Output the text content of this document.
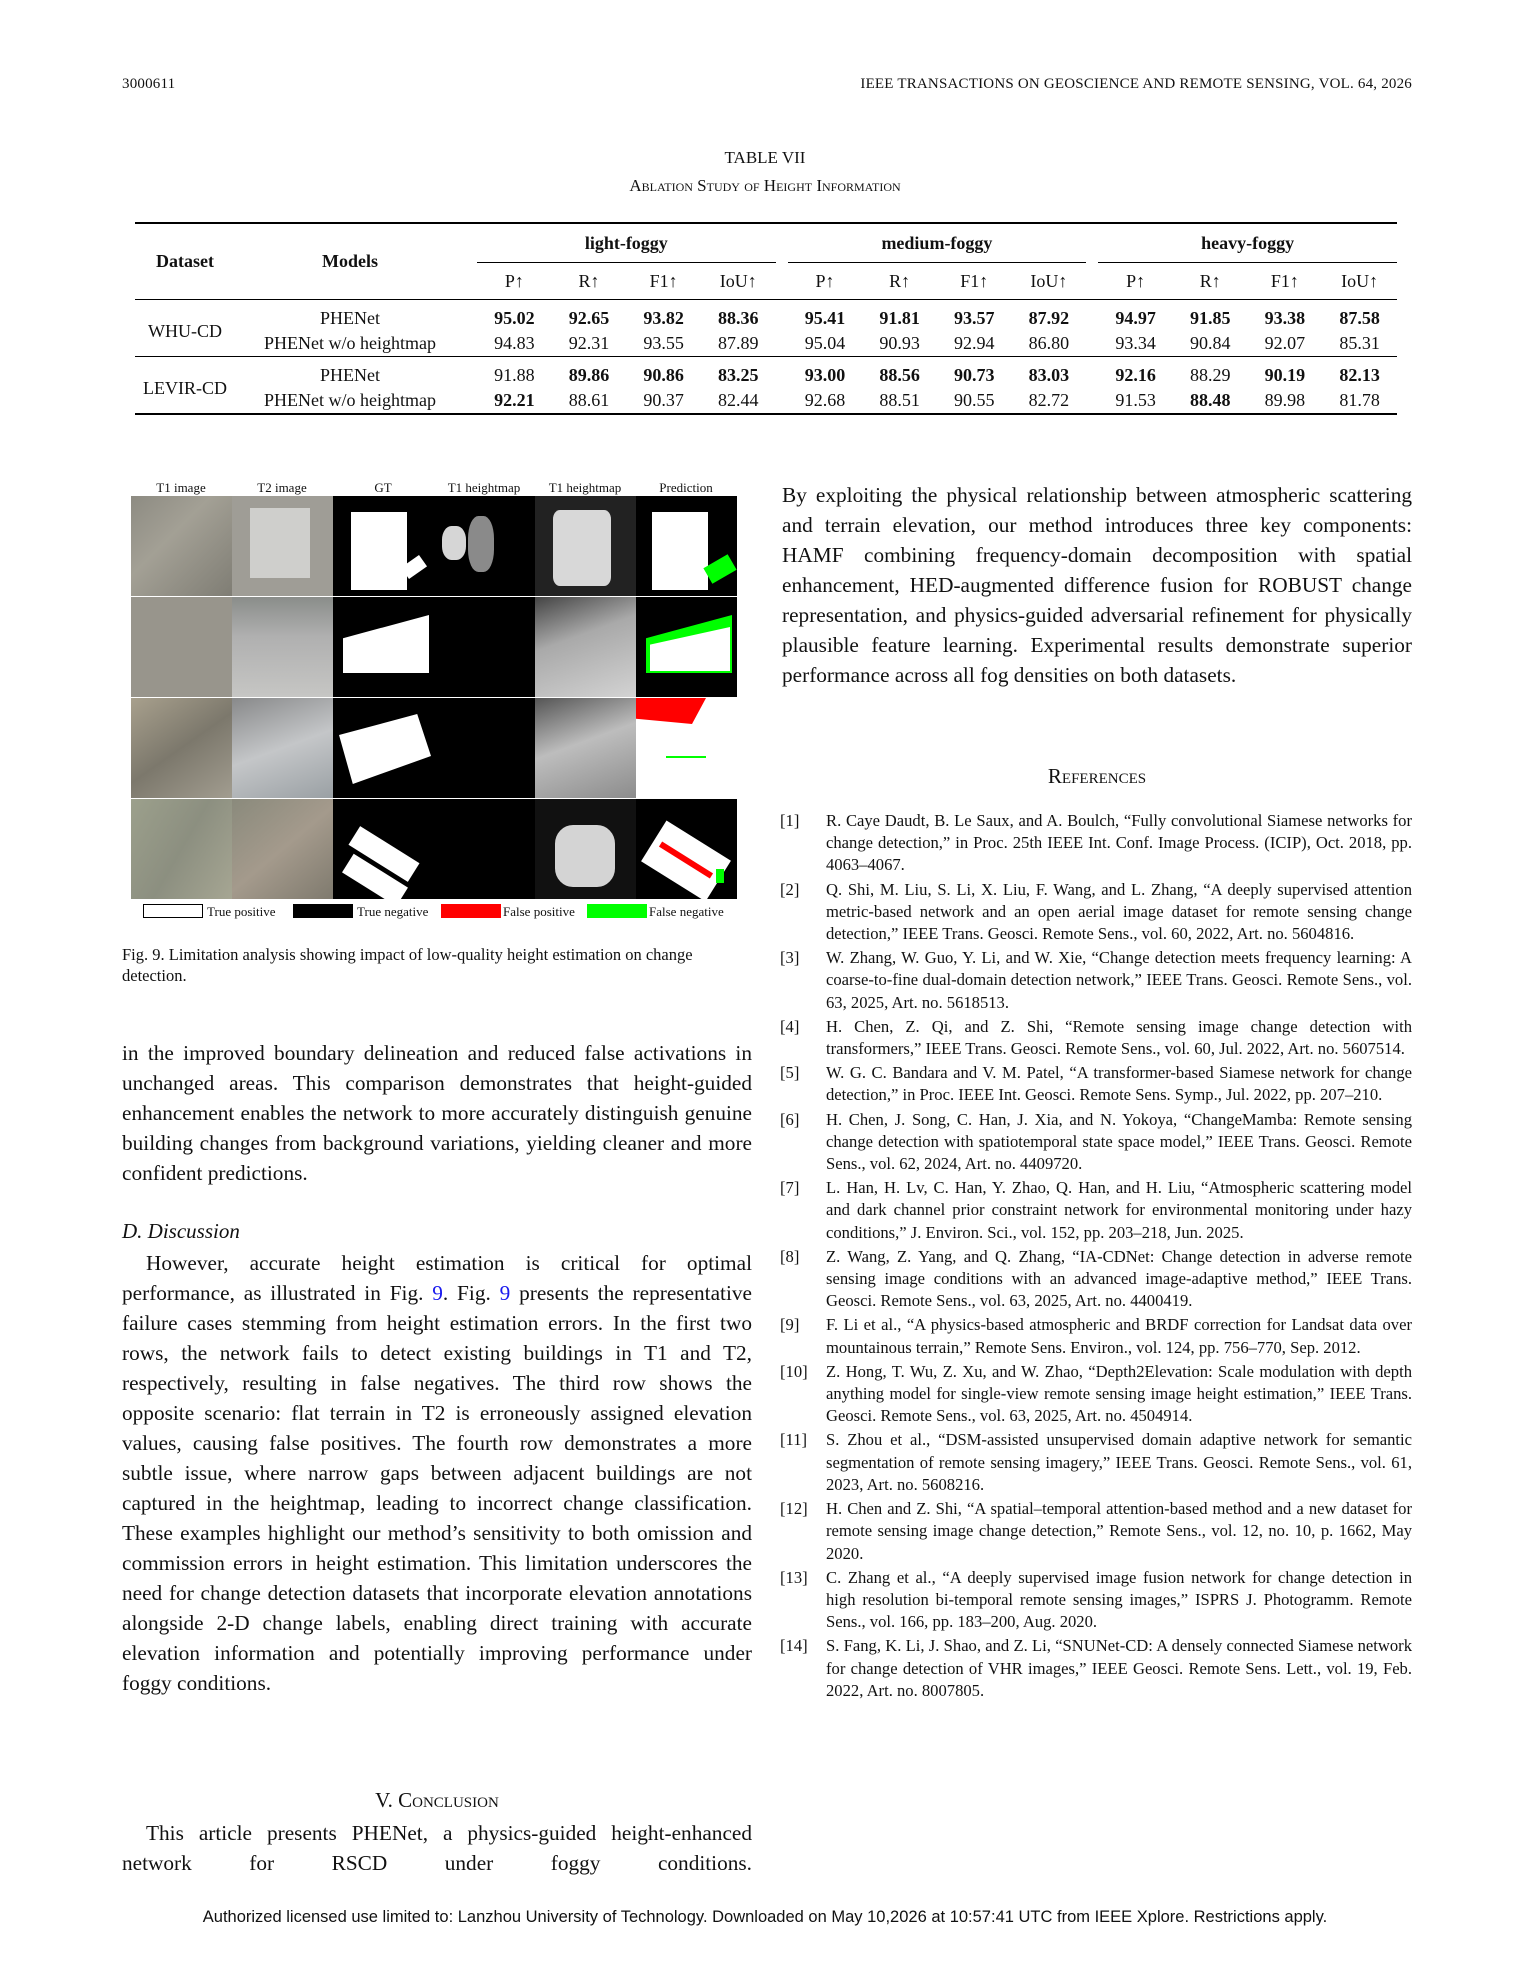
3000611	IEEE TRANSACTIONS ON GEOSCIENCE AND REMOTE SENSING, VOL. 64, 2026
TABLE VII
Ablation Study of Height Information
Dataset	Models		light-foggy					medium-foggy					heavy-foggy			
			P↑	R↑	F1↑	IoU↑		P↑	R↑	F1↑	IoU↑		P↑	R↑	F1↑	IoU↑
WHU-CD	PHENet		95.02	92.65	93.82	88.36		95.41	91.81	93.57	87.92		94.97	91.85	93.38	87.58
	PHENet w/o heightmap		94.83	92.31	93.55	87.89		95.04	90.93	92.94	86.80		93.34	90.84	92.07	85.31
LEVIR-CD	PHENet		91.88	89.86	90.86	83.25		93.00	88.56	90.73	83.03		92.16	88.29	90.19	82.13
	PHENet w/o heightmap		92.21	88.61	90.37	82.44		92.68	88.51	90.55	82.72		91.53	88.48	89.98	81.78
T1 image	T2 image	GT	T1 heightmap	T1 heightmap	Prediction
True positive	True negative	False positive	False negative
Fig. 9. Limitation analysis showing impact of low-quality height estimation on change detection.

in the improved boundary delineation and reduced false activations in unchanged areas. This comparison demonstrates that height-guided enhancement enables the network to more accurately distinguish genuine building changes from background variations, yielding cleaner and more confident predictions.

D. Discussion

However, accurate height estimation is critical for optimal performance, as illustrated in Fig. 9. Fig. 9 presents the representative failure cases stemming from height estimation errors. In the first two rows, the network fails to detect existing buildings in T1 and T2, respectively, resulting in false negatives. The third row shows the opposite scenario: flat terrain in T2 is erroneously assigned elevation values, causing false positives. The fourth row demonstrates a more subtle issue, where narrow gaps between adjacent buildings are not captured in the heightmap, leading to incorrect change classification. These examples highlight our method’s sensitivity to both omission and commission errors in height estimation. This limitation underscores the need for change detection datasets that incorporate elevation annotations alongside 2-D change labels, enabling direct training with accurate elevation information and potentially improving performance under foggy conditions.

V. Conclusion

This article presents PHENet, a physics-guided height-enhanced network for RSCD under foggy conditions.

By exploiting the physical relationship between atmospheric scattering and terrain elevation, our method introduces three key components: HAMF combining frequency-domain decomposition with spatial enhancement, HED-augmented difference fusion for ROBUST change representation, and physics-guided adversarial refinement for physically plausible feature learning. Experimental results demonstrate superior performance across all fog densities on both datasets.

References
[1] R. Caye Daudt, B. Le Saux, and A. Boulch, “Fully convolutional Siamese networks for change detection,” in Proc. 25th IEEE Int. Conf. Image Process. (ICIP), Oct. 2018, pp. 4063–4067.
[2] Q. Shi, M. Liu, S. Li, X. Liu, F. Wang, and L. Zhang, “A deeply supervised attention metric-based network and an open aerial image dataset for remote sensing change detection,” IEEE Trans. Geosci. Remote Sens., vol. 60, 2022, Art. no. 5604816.
[3] W. Zhang, W. Guo, Y. Li, and W. Xie, “Change detection meets frequency learning: A coarse-to-fine dual-domain detection network,” IEEE Trans. Geosci. Remote Sens., vol. 63, 2025, Art. no. 5618513.
[4] H. Chen, Z. Qi, and Z. Shi, “Remote sensing image change detection with transformers,” IEEE Trans. Geosci. Remote Sens., vol. 60, Jul. 2022, Art. no. 5607514.
[5] W. G. C. Bandara and V. M. Patel, “A transformer-based Siamese network for change detection,” in Proc. IEEE Int. Geosci. Remote Sens. Symp., Jul. 2022, pp. 207–210.
[6] H. Chen, J. Song, C. Han, J. Xia, and N. Yokoya, “ChangeMamba: Remote sensing change detection with spatiotemporal state space model,” IEEE Trans. Geosci. Remote Sens., vol. 62, 2024, Art. no. 4409720.
[7] L. Han, H. Lv, C. Han, Y. Zhao, Q. Han, and H. Liu, “Atmospheric scattering model and dark channel prior constraint network for environmental monitoring under hazy conditions,” J. Environ. Sci., vol. 152, pp. 203–218, Jun. 2025.
[8] Z. Wang, Z. Yang, and Q. Zhang, “IA-CDNet: Change detection in adverse remote sensing image conditions with an advanced image-adaptive method,” IEEE Trans. Geosci. Remote Sens., vol. 63, 2025, Art. no. 4400419.
[9] F. Li et al., “A physics-based atmospheric and BRDF correction for Landsat data over mountainous terrain,” Remote Sens. Environ., vol. 124, pp. 756–770, Sep. 2012.
[10] Z. Hong, T. Wu, Z. Xu, and W. Zhao, “Depth2Elevation: Scale modulation with depth anything model for single-view remote sensing image height estimation,” IEEE Trans. Geosci. Remote Sens., vol. 63, 2025, Art. no. 4504914.
[11] S. Zhou et al., “DSM-assisted unsupervised domain adaptive network for semantic segmentation of remote sensing imagery,” IEEE Trans. Geosci. Remote Sens., vol. 61, 2023, Art. no. 5608216.
[12] H. Chen and Z. Shi, “A spatial–temporal attention-based method and a new dataset for remote sensing image change detection,” Remote Sens., vol. 12, no. 10, p. 1662, May 2020.
[13] C. Zhang et al., “A deeply supervised image fusion network for change detection in high resolution bi-temporal remote sensing images,” ISPRS J. Photogramm. Remote Sens., vol. 166, pp. 183–200, Aug. 2020.
[14] S. Fang, K. Li, J. Shao, and Z. Li, “SNUNet-CD: A densely connected Siamese network for change detection of VHR images,” IEEE Geosci. Remote Sens. Lett., vol. 19, Feb. 2022, Art. no. 8007805.
Authorized licensed use limited to: Lanzhou University of Technology. Downloaded on May 10,2026 at 10:57:41 UTC from IEEE Xplore. Restrictions apply.
